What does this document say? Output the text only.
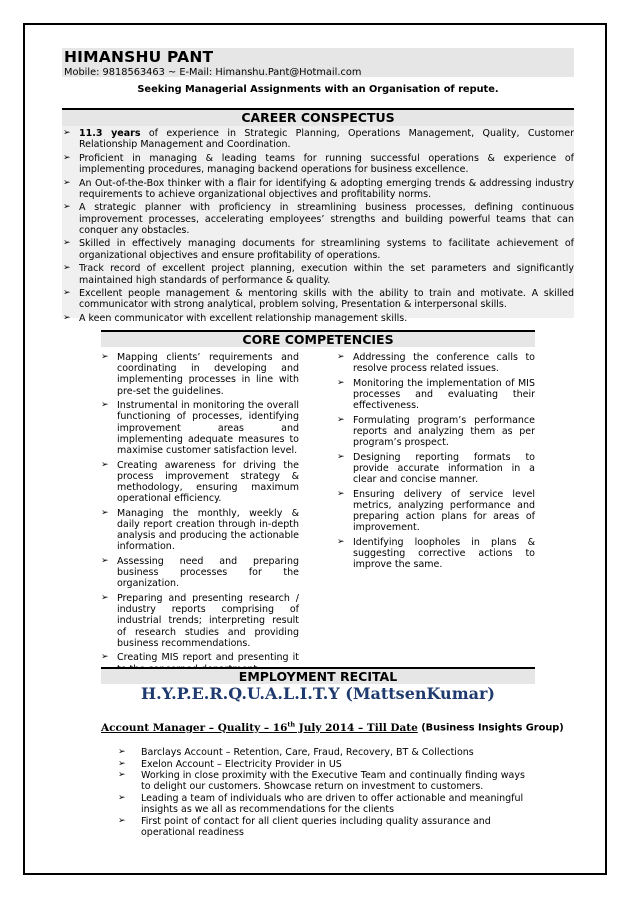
HIMANSHU PANT
Mobile: 9818563463 ~ E-Mail: Himanshu.Pant@Hotmail.com
Seeking Managerial Assignments with an Organisation of repute.
CAREER CONSPECTUS
➢ 11.3 years of experience in Strategic Planning, Operations Management, Quality, Customer Relationship Management and Coordination.
➢ Proficient in managing & leading teams for running successful operations & experience of implementing procedures, managing backend operations for business excellence.
➢ An Out-of-the-Box thinker with a flair for identifying & adopting emerging trends & addressing industry requirements to achieve organizational objectives and profitability norms.
➢ A strategic planner with proficiency in streamlining business processes, defining continuous improvement processes, accelerating employees’ strengths and building powerful teams that can conquer any obstacles.
➢ Skilled in effectively managing documents for streamlining systems to facilitate achievement of organizational objectives and ensure profitability of operations.
➢ Track record of excellent project planning, execution within the set parameters and significantly maintained high standards of performance & quality.
➢ Excellent people management & mentoring skills with the ability to train and motivate. A skilled communicator with strong analytical, problem solving, Presentation & interpersonal skills.
➢ A keen communicator with excellent relationship management skills.
CORE COMPETENCIES
➢ Mapping clients’ requirements and coordinating in developing and implementing processes in line with pre-set the guidelines.
➢ Instrumental in monitoring the overall functioning of processes, identifying improvement areas and implementing adequate measures to maximise customer satisfaction level.
➢ Creating awareness for driving the process improvement strategy & methodology, ensuring maximum operational efficiency.
➢ Managing the monthly, weekly & daily report creation through in-depth analysis and producing the actionable information.
➢ Assessing need and preparing business processes for the organization.
➢ Preparing and presenting research / industry reports comprising of industrial trends; interpreting result of research studies and providing business recommendations.
➢ Creating MIS report and presenting it
➢ Addressing the conference calls to resolve process related issues.
➢ Monitoring the implementation of MIS processes and evaluating their effectiveness.
➢ Formulating program’s performance reports and analyzing them as per program’s prospect.
➢ Designing reporting formats to provide accurate information in a clear and concise manner.
➢ Ensuring delivery of service level metrics, analyzing performance and preparing action plans for areas of improvement.
➢ Identifying loopholes in plans & suggesting corrective actions to improve the same.
EMPLOYMENT RECITAL
H.Y.P.E.R.Q.U.A.L.I.T.Y (MattsenKumar)
Account Manager – Quality – 16th July 2014 – Till Date (Business Insights Group)
➢ Barclays Account – Retention, Care, Fraud, Recovery, BT & Collections
➢ Exelon Account – Electricity Provider in US
➢ Working in close proximity with the Executive Team and continually finding ways to delight our customers. Showcase return on investment to customers.
➢ Leading a team of individuals who are driven to offer actionable and meaningful insights as we all as recommendations for the clients
➢ First point of contact for all client queries including quality assurance and operational readiness
